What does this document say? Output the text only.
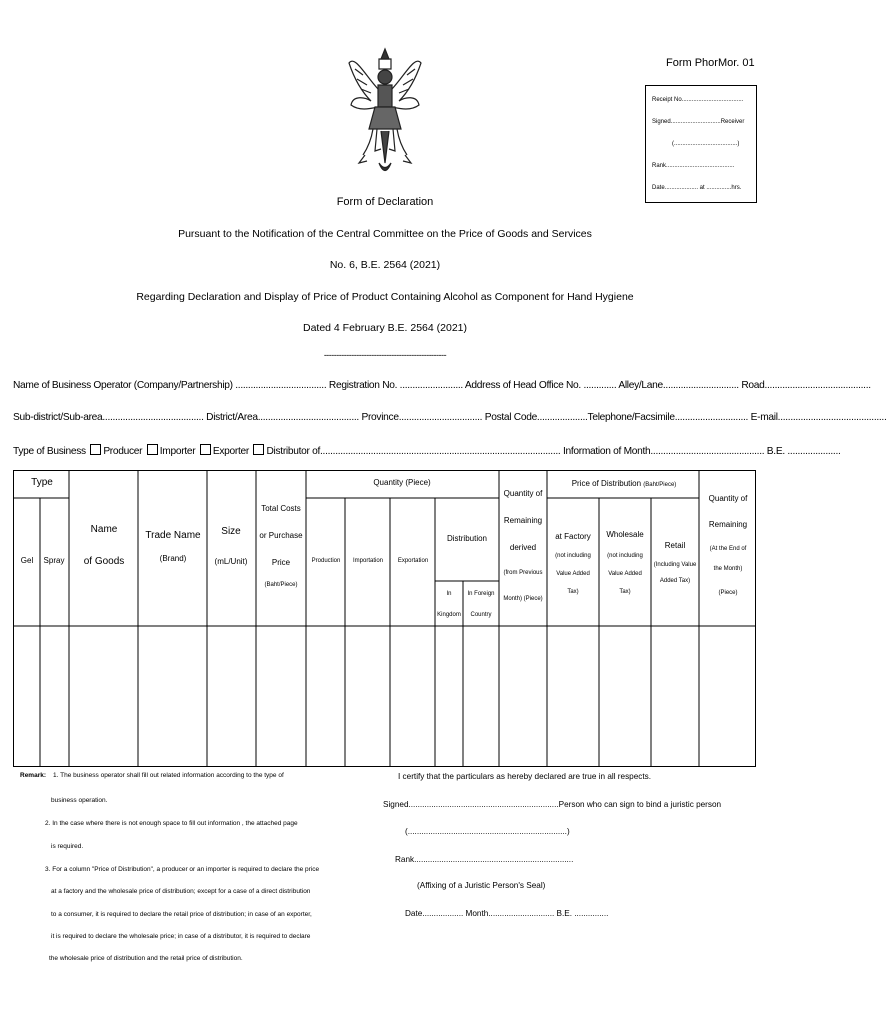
Form PhorMor. 01
Receipt No.....................................
Signed..............................Receiver
(......................................)
Rank.........................................
Date.................... at ...............hrs.
Form of Declaration
Pursuant to the Notification of the Central Committee on the Price of Goods and Services
No. 6, B.E. 2564 (2021)
Regarding Declaration and Display of Price of Product Containing Alcohol as Component for Hand Hygiene
Dated 4 February B.E. 2564 (2021)
-------------------------------------------------
Name of Business Operator (Company/Partnership) .................................... Registration No. ......................... Address of Head Office No. ............. Alley/Lane.............................. Road..........................................
Sub-district/Sub-area........................................ District/Area........................................ Province................................. Postal Code....................Telephone/Facsimile............................. E-mail...........................................
Type of Business Producer Importer Exporter Distributor of............................................................................................... Information of Month............................................. B.E. .....................
Type
Gel Spray
Name
of Goods
Trade Name
(Brand)
Size
(mL/Unit)
Total Costs
or Purchase
Price
(Baht/Piece)
Quantity (Piece)
Production Importation Exportation
Distribution
In
Kingdom
In Foreign
Country
Quantity of
Remaining
derived
(from Previous
Month) (Piece)
Price of Distribution (Baht/Piece)
at Factory
(not including
Value Added
Tax)
Wholesale
(not including
Value Added
Tax)
Retail
(Including Value
Added Tax)
Quantity of
Remaining
(At the End of
the Month)
(Piece)
Remark: 1. The business operator shall fill out related information according to the type of
business operation.
2. In the case where there is not enough space to fill out information , the attached page
is required.
3. For a column "Price of Distribution", a producer or an importer is required to declare the price
at a factory and the wholesale price of distribution; except for a case of a direct distribution
to a consumer, it is required to declare the retail price of distribution; in case of an exporter,
it is required to declare the wholesale price; in case of a distributor, it is required to declare
the wholesale price of distribution and the retail price of distribution.
I certify that the particulars as hereby declared are true in all respects.
Signed..................................................................Person who can sign to bind a juristic person
(......................................................................)
Rank......................................................................
(Affixing of a Juristic Person's Seal)
Date.................. Month............................. B.E. ...............
